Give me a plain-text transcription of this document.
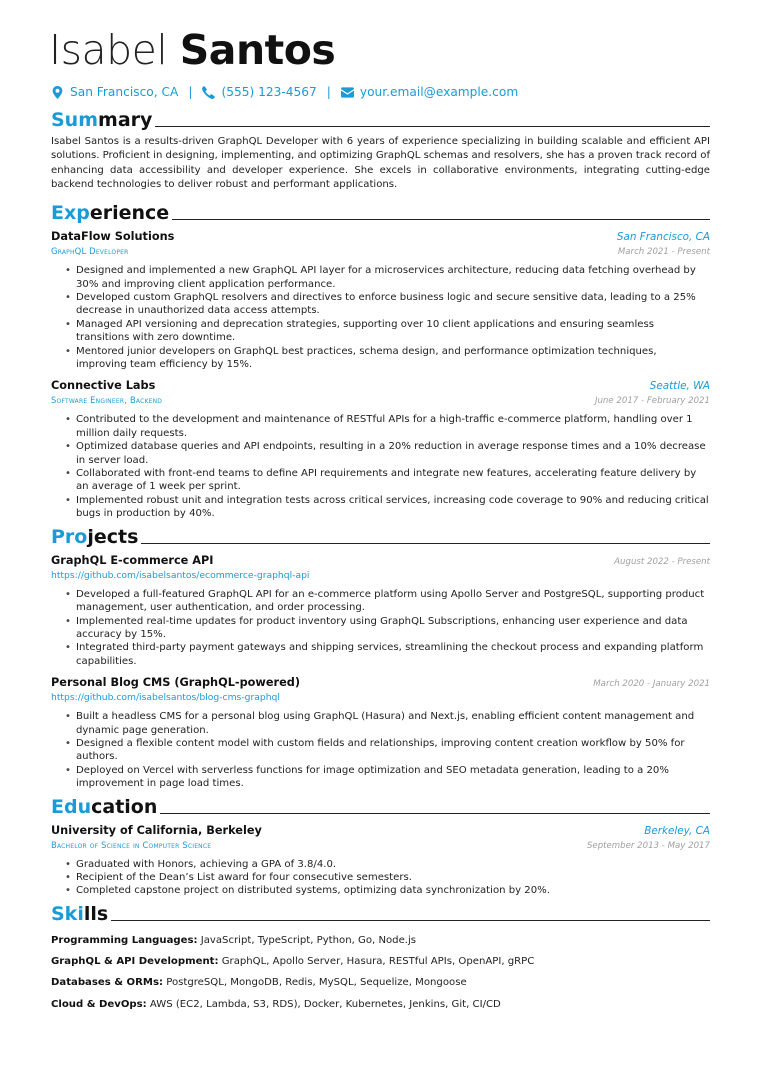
Isabel Santos
San Francisco, CA | (555) 123-4567 | your.email@example.com
Summary
Isabel Santos is a results-driven GraphQL Developer with 6 years of experience specializing in building scalable and efficient API solutions. Proficient in designing, implementing, and optimizing GraphQL schemas and resolvers, she has a proven track record of enhancing data accessibility and developer experience. She excels in collaborative environments, integrating cutting-edge backend technologies to deliver robust and performant applications.
Experience
DataFlow Solutions	San Francisco, CA
GraphQL Developer	March 2021 - Present
• Designed and implemented a new GraphQL API layer for a microservices architecture, reducing data fetching overhead by 30% and improving client application performance.
• Developed custom GraphQL resolvers and directives to enforce business logic and secure sensitive data, leading to a 25% decrease in unauthorized data access attempts.
• Managed API versioning and deprecation strategies, supporting over 10 client applications and ensuring seamless transitions with zero downtime.
• Mentored junior developers on GraphQL best practices, schema design, and performance optimization techniques, improving team efficiency by 15%.
Connective Labs	Seattle, WA
Software Engineer, Backend	June 2017 - February 2021
• Contributed to the development and maintenance of RESTful APIs for a high-traffic e-commerce platform, handling over 1 million daily requests.
• Optimized database queries and API endpoints, resulting in a 20% reduction in average response times and a 10% decrease in server load.
• Collaborated with front-end teams to define API requirements and integrate new features, accelerating feature delivery by an average of 1 week per sprint.
• Implemented robust unit and integration tests across critical services, increasing code coverage to 90% and reducing critical bugs in production by 40%.
Projects
GraphQL E-commerce API	August 2022 - Present
https://github.com/isabelsantos/ecommerce-graphql-api
• Developed a full-featured GraphQL API for an e-commerce platform using Apollo Server and PostgreSQL, supporting product management, user authentication, and order processing.
• Implemented real-time updates for product inventory using GraphQL Subscriptions, enhancing user experience and data accuracy by 15%.
• Integrated third-party payment gateways and shipping services, streamlining the checkout process and expanding platform capabilities.
Personal Blog CMS (GraphQL-powered)	March 2020 - January 2021
https://github.com/isabelsantos/blog-cms-graphql
• Built a headless CMS for a personal blog using GraphQL (Hasura) and Next.js, enabling efficient content management and dynamic page generation.
• Designed a flexible content model with custom fields and relationships, improving content creation workflow by 50% for authors.
• Deployed on Vercel with serverless functions for image optimization and SEO metadata generation, leading to a 20% improvement in page load times.
Education
University of California, Berkeley	Berkeley, CA
Bachelor of Science in Computer Science	September 2013 - May 2017
• Graduated with Honors, achieving a GPA of 3.8/4.0.
• Recipient of the Dean’s List award for four consecutive semesters.
• Completed capstone project on distributed systems, optimizing data synchronization by 20%.
Skills
Programming Languages: JavaScript, TypeScript, Python, Go, Node.js
GraphQL & API Development: GraphQL, Apollo Server, Hasura, RESTful APIs, OpenAPI, gRPC
Databases & ORMs: PostgreSQL, MongoDB, Redis, MySQL, Sequelize, Mongoose
Cloud & DevOps: AWS (EC2, Lambda, S3, RDS), Docker, Kubernetes, Jenkins, Git, CI/CD
